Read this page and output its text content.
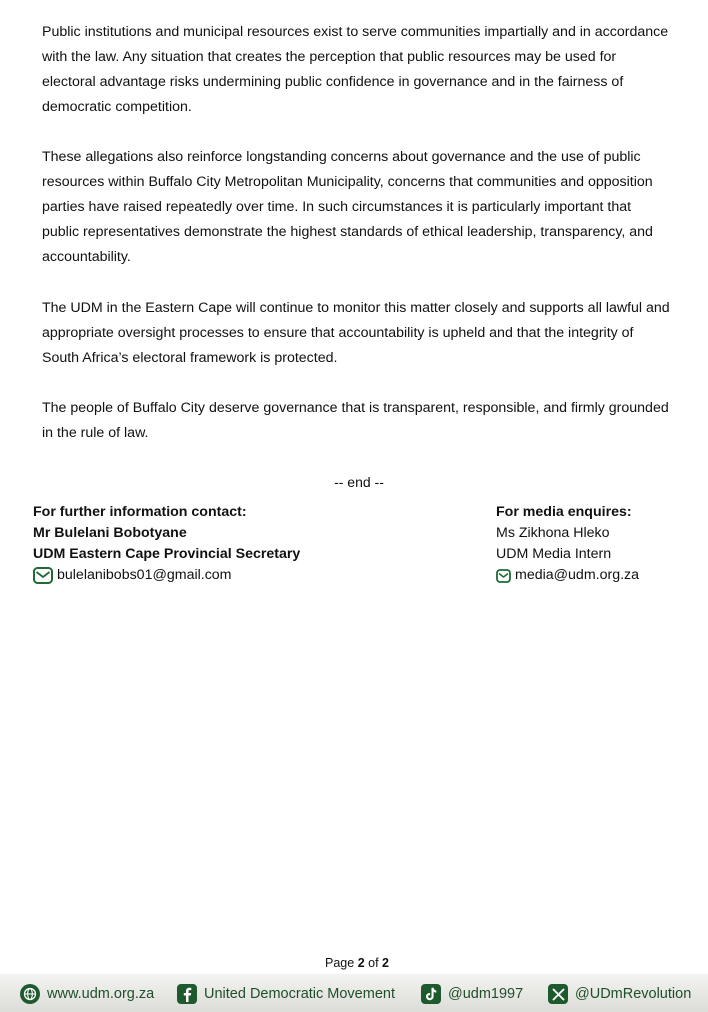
Public institutions and municipal resources exist to serve communities impartially and in accordance with the law. Any situation that creates the perception that public resources may be used for electoral advantage risks undermining public confidence in governance and in the fairness of democratic competition.

These allegations also reinforce longstanding concerns about governance and the use of public resources within Buffalo City Metropolitan Municipality, concerns that communities and opposition parties have raised repeatedly over time. In such circumstances it is particularly important that public representatives demonstrate the highest standards of ethical leadership, transparency, and accountability.

The UDM in the Eastern Cape will continue to monitor this matter closely and supports all lawful and appropriate oversight processes to ensure that accountability is upheld and that the integrity of South Africa’s electoral framework is protected.

The people of Buffalo City deserve governance that is transparent, responsible, and firmly grounded in the rule of law.

-- end --
For further information contact:
Mr Bulelani Bobotyane
UDM Eastern Cape Provincial Secretary
bulelanibobs01@gmail.com
For media enquires:
Ms Zikhona Hleko
UDM Media Intern
media@udm.org.za
Page 2 of 2
www.udm.org.za	United Democratic Movement	@udm1997	@UDmRevolution
